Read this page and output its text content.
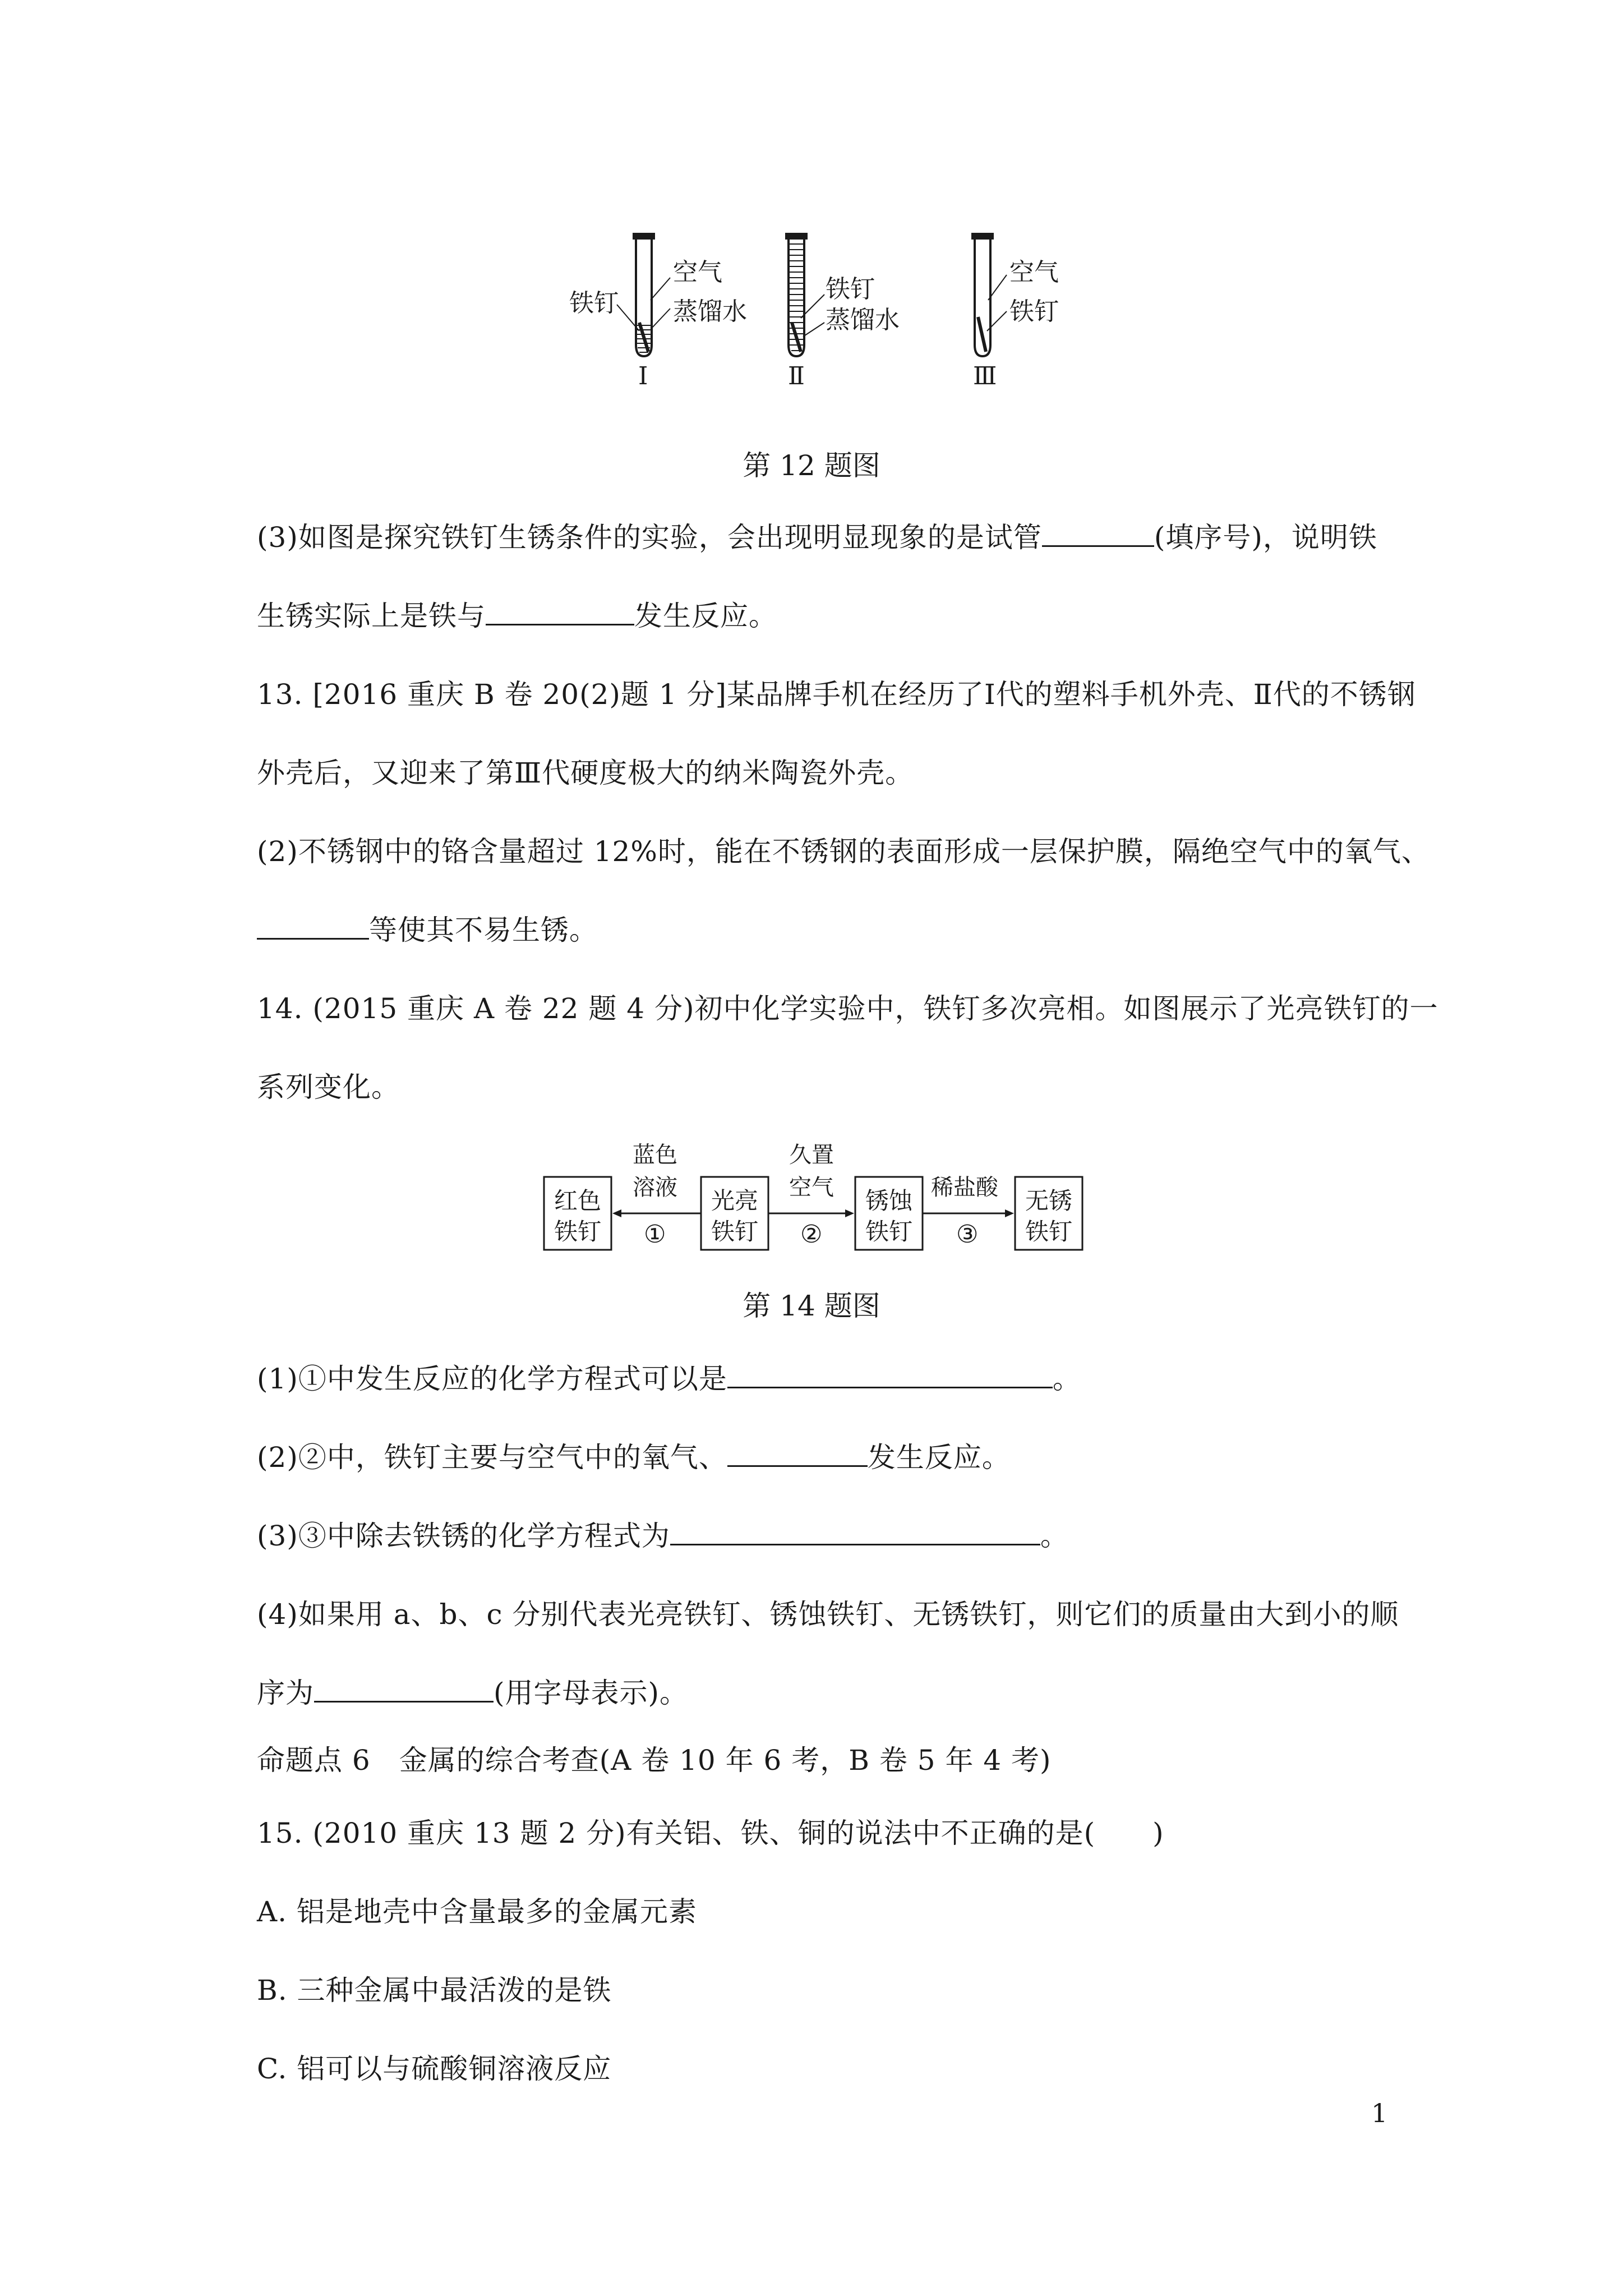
铁钉
空气
蒸馏水
Ⅰ
铁钉
蒸馏水
Ⅱ
空气
铁钉
Ⅲ
第 12 题图
(3)如图是探究铁钉生锈条件的实验，会出现明显现象的是试管	(填序号)，说明铁
生锈实际上是铁与	发生反应。
13. [2016 重庆 B 卷 20(2)题 1 分]某品牌手机在经历了Ⅰ代的塑料手机外壳、Ⅱ代的不锈钢
外壳后，又迎来了第Ⅲ代硬度极大的纳米陶瓷外壳。
(2)不锈钢中的铬含量超过 12%时，能在不锈钢的表面形成一层保护膜，隔绝空气中的氧气、
等使其不易生锈。
14. (2015 重庆 A 卷 22 题 4 分)初中化学实验中，铁钉多次亮相。如图展示了光亮铁钉的一
系列变化。
红色
铁钉
光亮
铁钉
锈蚀
铁钉
无锈
铁钉
蓝色
溶液
①
久置
空气
②
稀盐酸
③
第 14 题图
(1)①中发生反应的化学方程式可以是	。
(2)②中，铁钉主要与空气中的氧气、	发生反应。
(3)③中除去铁锈的化学方程式为	。
(4)如果用 a、b、c 分别代表光亮铁钉、锈蚀铁钉、无锈铁钉，则它们的质量由大到小的顺
序为	(用字母表示)。
命题点 6　金属的综合考查(A 卷 10 年 6 考，B 卷 5 年 4 考)
15. (2010 重庆 13 题 2 分)有关铝、铁、铜的说法中不正确的是(　　)
A. 铝是地壳中含量最多的金属元素
B. 三种金属中最活泼的是铁
C. 铝可以与硫酸铜溶液反应
1
